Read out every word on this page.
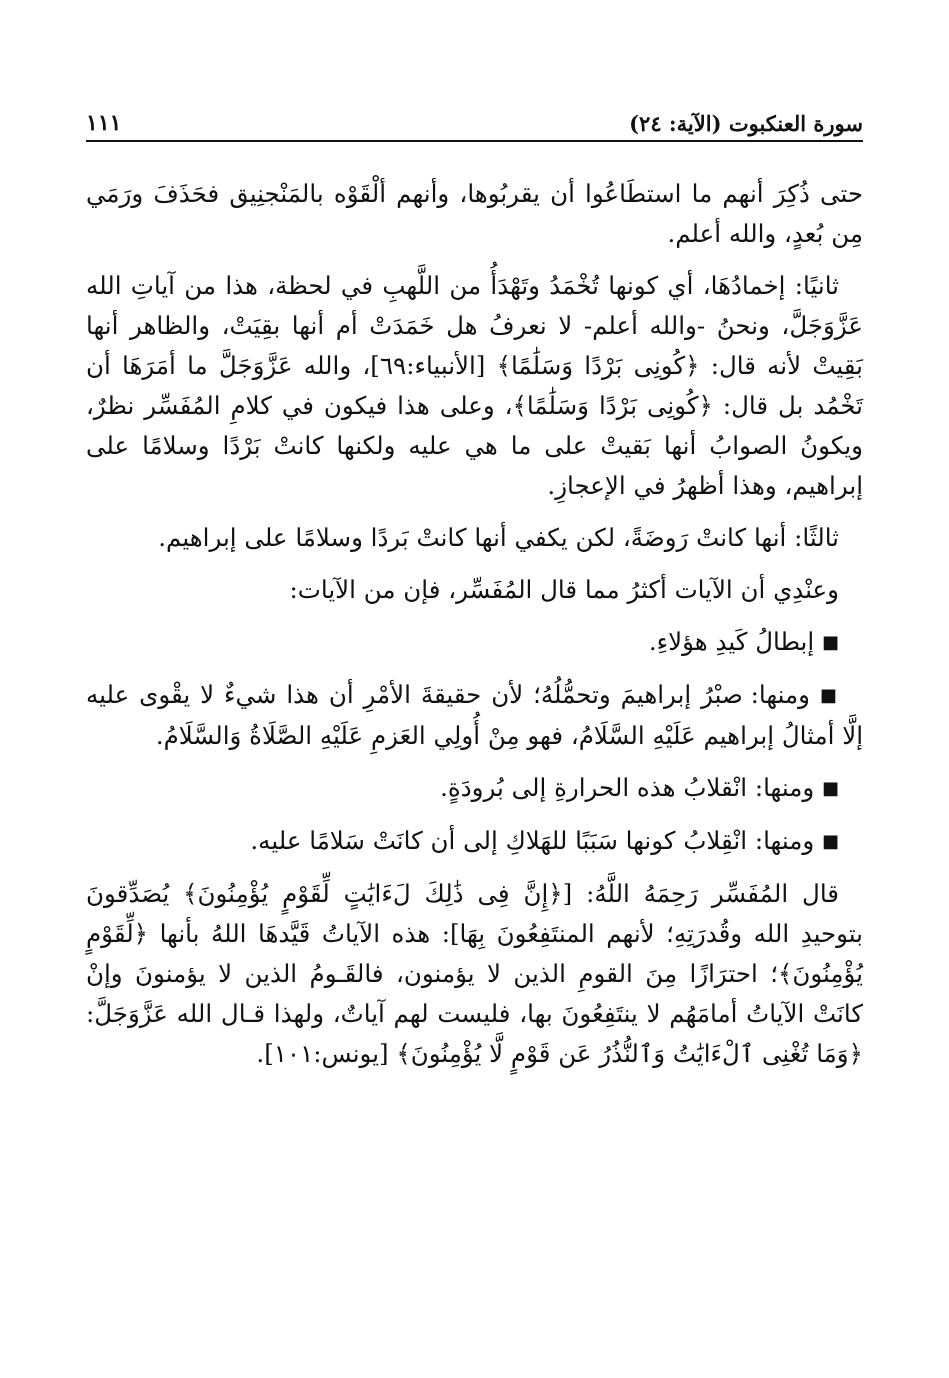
سورة العنكبوت (الآية: ٢٤)
١١١

حتى ذُكِرَ أنهم ما استطَاعُوا أن يقربُوها، وأنهم ألْقَوْه بالمَنْجنِيق فحَذَفَ ورَمَي مِن بُعدٍ، والله أعلم.

ثانيًا: إخمادُهَا، أي كونها تُخْمَدُ وتَهْدَأُ من اللَّهبِ في لحظة، هذا من آياتِ الله عَزَّوَجَلَّ، ونحنُ -والله أعلم- لا نعرفُ هل خَمَدَتْ أم أنها بقِيَتْ، والظاهر أنها بَقِيتْ لأنه قال: ﴿كُونِى بَرْدًا وَسَلَٰمًا﴾ [الأنبياء:٦٩]، والله عَزَّوَجَلَّ ما أمَرَهَا أن تَخْمُد بل قال: ﴿كُونِى بَرْدًا وَسَلَٰمًا﴾، وعلى هذا فيكون في كلامِ المُفَسِّر نظرٌ، ويكونُ الصوابُ أنها بَقيتْ على ما هي عليه ولكنها كانتْ بَرْدًا وسلامًا على إبراهيم، وهذا أظهرُ في الإعجازِ.

ثالثًا: أنها كانتْ رَوضَةً، لكن يكفي أنها كانتْ بَردًا وسلامًا على إبراهيم.

وعنْدِي أن الآيات أكثرُ مما قال المُفَسِّر، فإن من الآيات:

■ إبطالُ كَيدِ هؤلاءِ.

■ ومنها: صبْرُ إبراهيمَ وتحمُّلُهُ؛ لأن حقيقةَ الأمْرِ أن هذا شيءٌ لا يقْوى عليه إلَّا أمثالُ إبراهيم عَلَيْهِ السَّلَامُ، فهو مِنْ أُولِي العَزمِ عَلَيْهِ الصَّلَاةُ وَالسَّلَامُ.

■ ومنها: انْقلابُ هذه الحرارةِ إلى بُرودَةٍ.

■ ومنها: انْقِلابُ كونها سَبَبًا للهَلاكِ إلى أن كانَتْ سَلامًا عليه.

قال المُفَسِّر رَحِمَهُ اللَّهُ: [﴿إِنَّ فِى ذَٰلِكَ لَءَايَٰتٍ لِّقَوْمٍ يُؤْمِنُونَ﴾ يُصَدِّقونَ بتوحيدِ الله وقُدرَتِهِ؛ لأنهم المنتَفِعُونَ بِهَا]: هذه الآياتُ قَيَّدهَا اللهُ بأنها ﴿لِّقَوْمٍ يُؤْمِنُونَ﴾؛ احترَازًا مِنَ القومِ الذين لا يؤمنون، فالقَـومُ الذين لا يؤمنونَ وإنْ كانَتْ الآياتُ أمامَهُم لا ينتَفِعُونَ بها، فليست لهم آياتٌ، ولهذا قـال الله عَزَّوَجَلَّ: ﴿وَمَا تُغْنِى ٱلْءَايَٰتُ وَٱلنُّذُرُ عَن قَوْمٍ لَّا يُؤْمِنُونَ﴾ [يونس:١٠١].
